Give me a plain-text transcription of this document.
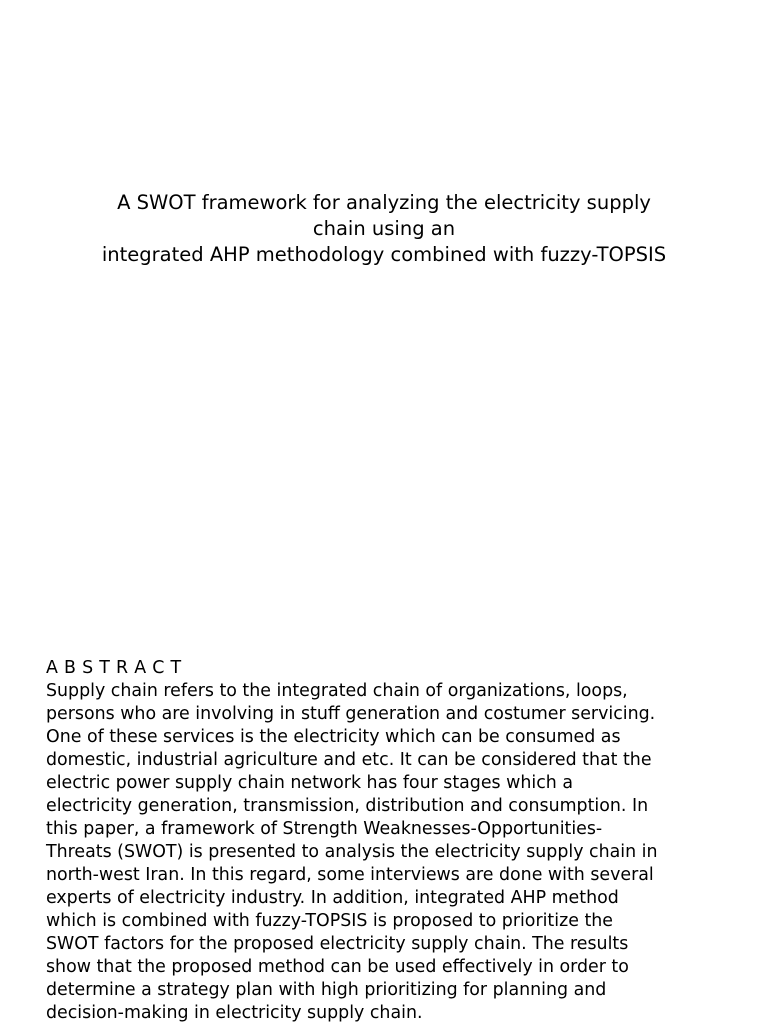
A SWOT framework for analyzing the electricity supply
chain using an
integrated AHP methodology combined with fuzzy-TOPSIS
A B S T R A C T
Supply chain refers to the integrated chain of organizations, loops,
persons who are involving in stuff generation and costumer servicing.
One of these services is the electricity which can be consumed as
domestic, industrial agriculture and etc. It can be considered that the
electric power supply chain network has four stages which a
electricity generation, transmission, distribution and consumption. In
this paper, a framework of Strength Weaknesses-Opportunities-
Threats (SWOT) is presented to analysis the electricity supply chain in
north-west Iran. In this regard, some interviews are done with several
experts of electricity industry. In addition, integrated AHP method
which is combined with fuzzy-TOPSIS is proposed to prioritize the
SWOT factors for the proposed electricity supply chain. The results
show that the proposed method can be used effectively in order to
determine a strategy plan with high prioritizing for planning and
decision-making in electricity supply chain.
